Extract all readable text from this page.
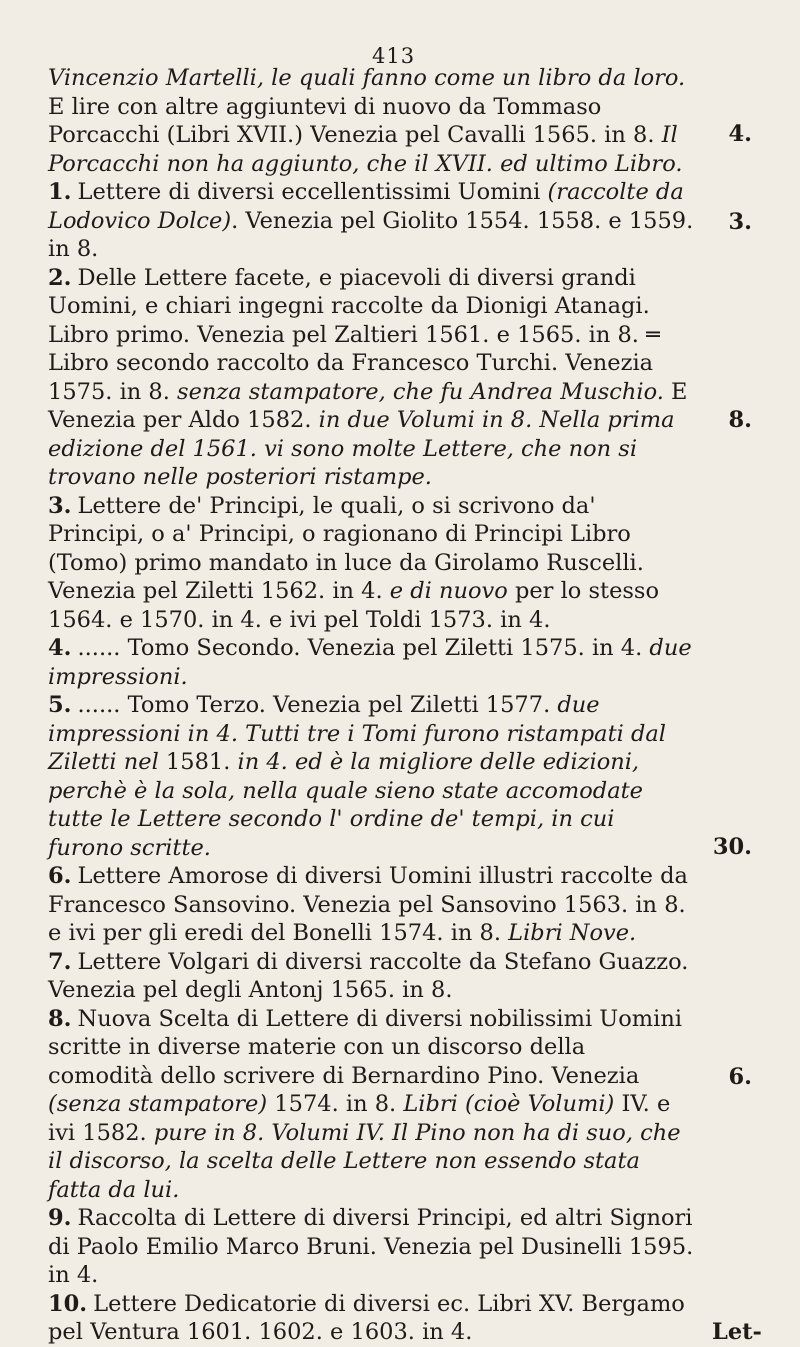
413

Vincenzio Martelli, le quali fanno come un libro da loro. E lire con altre aggiuntevi di nuovo da Tommaso Porcacchi (Libri XVII.) Venezia pel Cavalli 1565. in 8. Il Porcacchi non ha aggiunto, che il XVII. ed ultimo Libro.
4.

1. Lettere di diversi eccellentissimi Uomini (raccolte da Lodovico Dolce). Venezia pel Giolito 1554. 1558. e 1559. in 8.
3.

2. Delle Lettere facete, e piacevoli di diversi grandi Uomini, e chiari ingegni raccolte da Dionigi Atanagi. Libro primo. Venezia pel Zaltieri 1561. e 1565. in 8. ═ Libro secondo raccolto da Francesco Turchi. Venezia 1575. in 8. senza stampatore, che fu Andrea Muschio. E Venezia per Aldo 1582. in due Volumi in 8. Nella prima edizione del 1561. vi sono molte Lettere, che non si trovano nelle posteriori ristampe.
8.

3. Lettere de' Principi, le quali, o si scrivono da' Principi, o a' Principi, o ragionano di Principi Libro (Tomo) primo mandato in luce da Girolamo Ruscelli. Venezia pel Ziletti 1562. in 4. e di nuovo per lo stesso 1564. e 1570. in 4. e ivi pel Toldi 1573. in 4.

4. ...... Tomo Secondo. Venezia pel Ziletti 1575. in 4. due impressioni.

5. ...... Tomo Terzo. Venezia pel Ziletti 1577. due impressioni in 4. Tutti tre i Tomi furono ristampati dal Ziletti nel 1581. in 4. ed è la migliore delle edizioni, perchè è la sola, nella quale sieno state accomodate tutte le Lettere secondo l' ordine de' tempi, in cui furono scritte.	30.

6. Lettere Amorose di diversi Uomini illustri raccolte da Francesco Sansovino. Venezia pel Sansovino 1563. in 8. e ivi per gli eredi del Bonelli 1574. in 8. Libri Nove.

7. Lettere Volgari di diversi raccolte da Stefano Guazzo. Venezia pel degli Antonj 1565. in 8.

8. Nuova Scelta di Lettere di diversi nobilissimi Uomini scritte in diverse materie con un discorso della comodità dello scrivere di Bernardino Pino. Venezia (senza stampatore) 1574. in 8. Libri (cioè Volumi) IV. e ivi 1582. pure in 8. Volumi IV. Il Pino non ha di suo, che il discorso, la scelta delle Lettere non essendo stata fatta da lui.
6.

9. Raccolta di Lettere di diversi Principi, ed altri Signori di Paolo Emilio Marco Bruni. Venezia pel Dusinelli 1595. in 4.

10. Lettere Dedicatorie di diversi ec. Libri XV. Bergamo pel Ventura 1601. 1602. e 1603. in 4.	Let-
